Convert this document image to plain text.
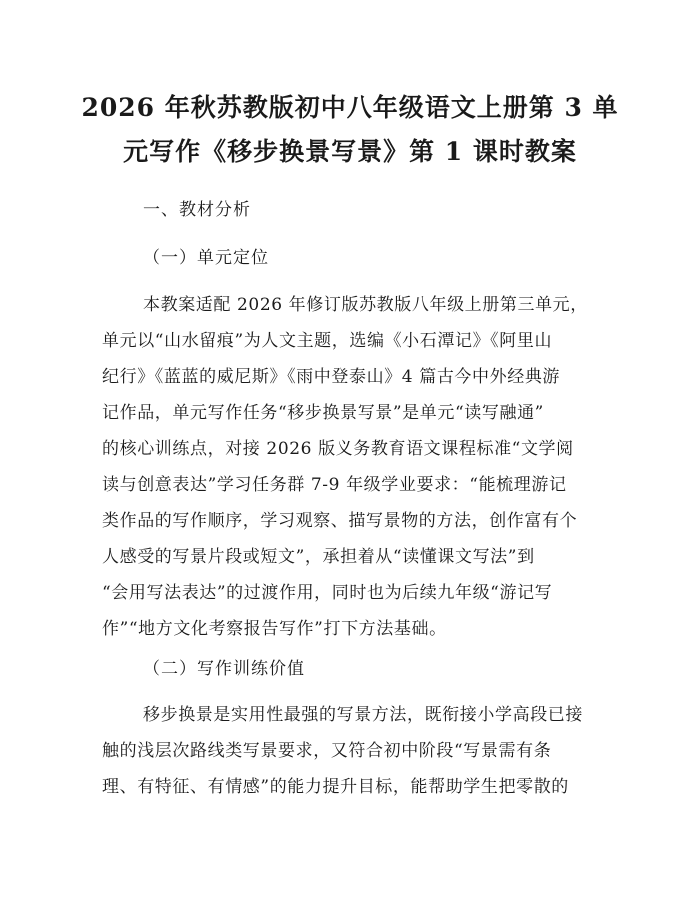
2026 年秋苏教版初中八年级语文上册第 3 单
元写作《移步换景写景》第 1 课时教案
一、教材分析
（一）单元定位
本教案适配 2026 年修订版苏教版八年级上册第三单元，
单元以“山水留痕”为人文主题，选编《小石潭记》《阿里山
纪行》《蓝蓝的威尼斯》《雨中登泰山》4 篇古今中外经典游
记作品，单元写作任务“移步换景写景”是单元“读写融通”
的核心训练点，对接 2026 版义务教育语文课程标准“文学阅
读与创意表达”学习任务群 7-9 年级学业要求：“能梳理游记
类作品的写作顺序，学习观察、描写景物的方法，创作富有个
人感受的写景片段或短文”，承担着从“读懂课文写法”到
“会用写法表达”的过渡作用，同时也为后续九年级“游记写
作”“地方文化考察报告写作”打下方法基础。
（二）写作训练价值
移步换景是实用性最强的写景方法，既衔接小学高段已接
触的浅层次路线类写景要求，又符合初中阶段“写景需有条
理、有特征、有情感”的能力提升目标，能帮助学生把零散的
